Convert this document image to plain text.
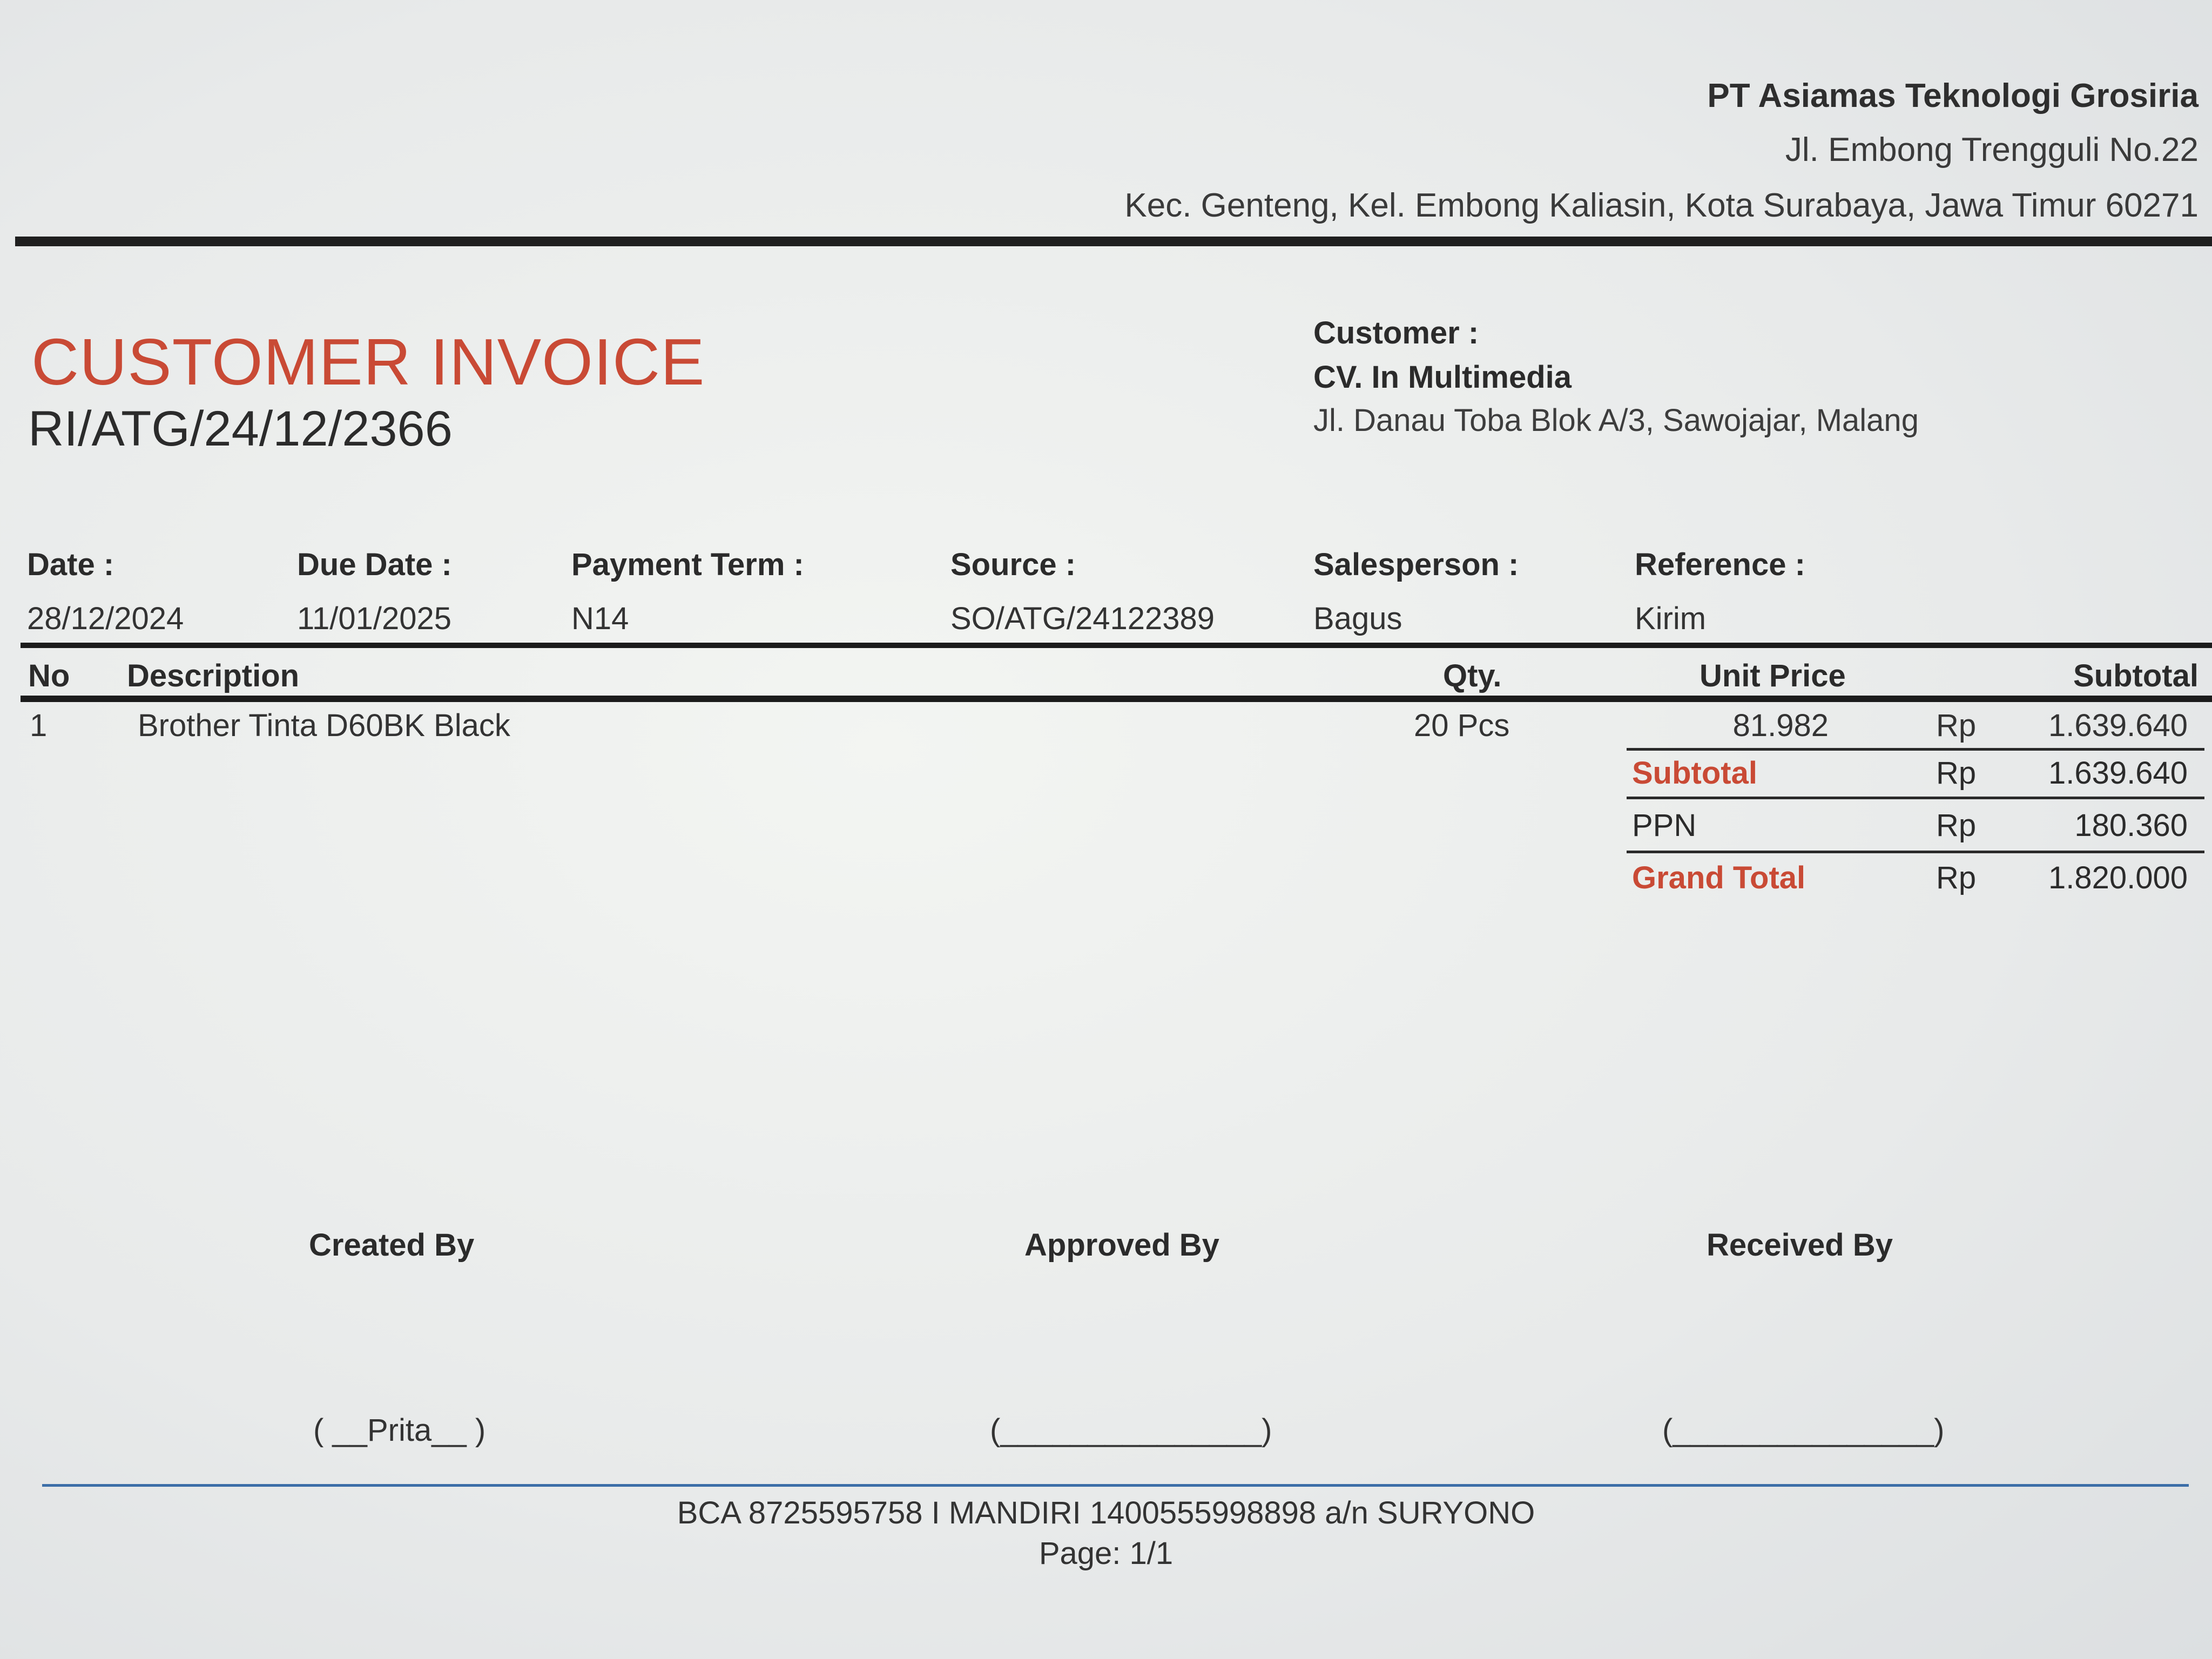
PT Asiamas Teknologi Grosiria
Jl. Embong Trengguli No.22
Kec. Genteng, Kel. Embong Kaliasin, Kota Surabaya, Jawa Timur 60271
CUSTOMER INVOICE
RI/ATG/24/12/2366
Customer :
CV. In Multimedia
Jl. Danau Toba Blok A/3, Sawojajar, Malang
Date :
28/12/2024
Due Date :
11/01/2025
Payment Term :
N14
Source :
SO/ATG/24122389
Salesperson :
Bagus
Reference :
Kirim
No Description	Qty.	Unit Price	Subtotal
1	Brother Tinta D60BK Black	20 Pcs	81.982	Rp 1.639.640
Subtotal	Rp 1.639.640
PPN	Rp	180.360
Grand Total	Rp 1.820.000
Created By
( __Prita__ )
Approved By
(_______________)
Received By
(_______________)
BCA 8725595758 I MANDIRI 1400555998898 a/n SURYONO
Page: 1/1
